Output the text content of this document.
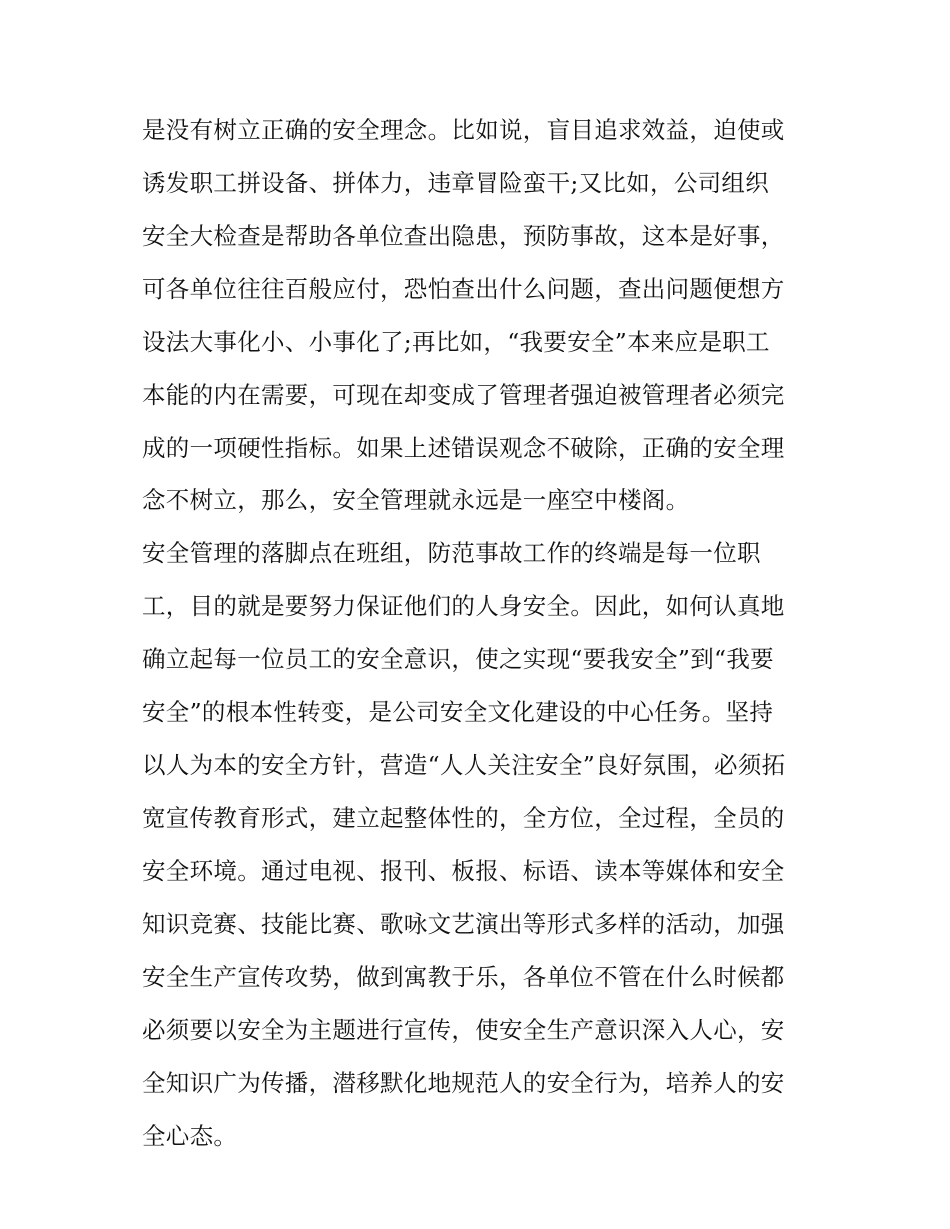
是没有树立正确的安全理念。比如说，盲目追求效益，迫使或
诱发职工拼设备、拼体力，违章冒险蛮干;又比如，公司组织
安全大检查是帮助各单位查出隐患，预防事故，这本是好事，
可各单位往往百般应付，恐怕查出什么问题，查出问题便想方
设法大事化小、小事化了;再比如，“我要安全”本来应是职工
本能的内在需要，可现在却变成了管理者强迫被管理者必须完
成的一项硬性指标。如果上述错误观念不破除，正确的安全理
念不树立，那么，安全管理就永远是一座空中楼阁。
安全管理的落脚点在班组，防范事故工作的终端是每一位职
工，目的就是要努力保证他们的人身安全。因此，如何认真地
确立起每一位员工的安全意识，使之实现“要我安全”到“我要
安全”的根本性转变，是公司安全文化建设的中心任务。坚持
以人为本的安全方针，营造“人人关注安全”良好氛围，必须拓
宽宣传教育形式，建立起整体性的，全方位，全过程，全员的
安全环境。通过电视、报刊、板报、标语、读本等媒体和安全
知识竞赛、技能比赛、歌咏文艺演出等形式多样的活动，加强
安全生产宣传攻势，做到寓教于乐，各单位不管在什么时候都
必须要以安全为主题进行宣传，使安全生产意识深入人心，安
全知识广为传播，潜移默化地规范人的安全行为，培养人的安
全心态。
